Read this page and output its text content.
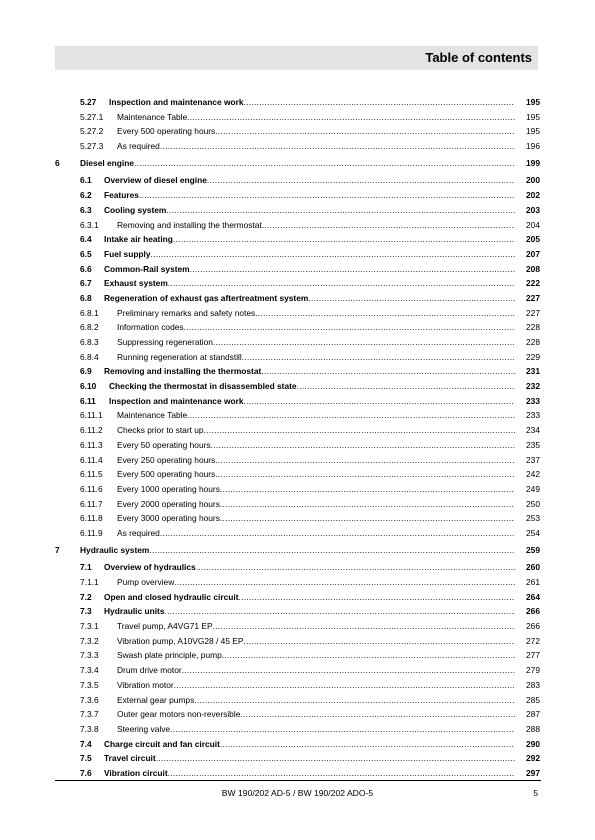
Table of contents
5.27 Inspection and maintenance work .....	195
5.27.1 Maintenance Table .....	195
5.27.2 Every 500 operating hours .....	195
5.27.3 As required .....	196
6 Diesel engine .....	199
6.1 Overview of diesel engine .....	200
6.2 Features .....	202
6.3 Cooling system .....	203
6.3.1 Removing and installing the thermostat .....	204
6.4 Intake air heating .....	205
6.5 Fuel supply .....	207
6.6 Common-Rail system .....	208
6.7 Exhaust system .....	222
6.8 Regeneration of exhaust gas aftertreatment system .....	227
6.8.1 Preliminary remarks and safety notes .....	227
6.8.2 Information codes .....	228
6.8.3 Suppressing regeneration .....	228
6.8.4 Running regeneration at standstill .....	229
6.9 Removing and installing the thermostat .....	231
6.10 Checking the thermostat in disassembled state .....	232
6.11 Inspection and maintenance work .....	233
6.11.1 Maintenance Table .....	233
6.11.2 Checks prior to start up .....	234
6.11.3 Every 50 operating hours .....	235
6.11.4 Every 250 operating hours .....	237
6.11.5 Every 500 operating hours .....	242
6.11.6 Every 1000 operating hours .....	249
6.11.7 Every 2000 operating hours .....	250
6.11.8 Every 3000 operating hours .....	253
6.11.9 As required .....	254
7 Hydraulic system .....	259
7.1 Overview of hydraulics .....	260
7.1.1 Pump overview .....	261
7.2 Open and closed hydraulic circuit .....	264
7.3 Hydraulic units .....	266
7.3.1 Travel pump, A4VG71 EP .....	266
7.3.2 Vibration pump, A10VG28 / 45 EP .....	272
7.3.3 Swash plate principle, pump .....	277
7.3.4 Drum drive motor .....	279
7.3.5 Vibration motor .....	283
7.3.6 External gear pumps .....	285
7.3.7 Outer gear motors non-reversible .....	287
7.3.8 Steering valve .....	288
7.4 Charge circuit and fan circuit .....	290
7.5 Travel circuit .....	292
7.6 Vibration circuit .....	297
BW 190/202 AD-5 / BW 190/202 ADO-5	5
